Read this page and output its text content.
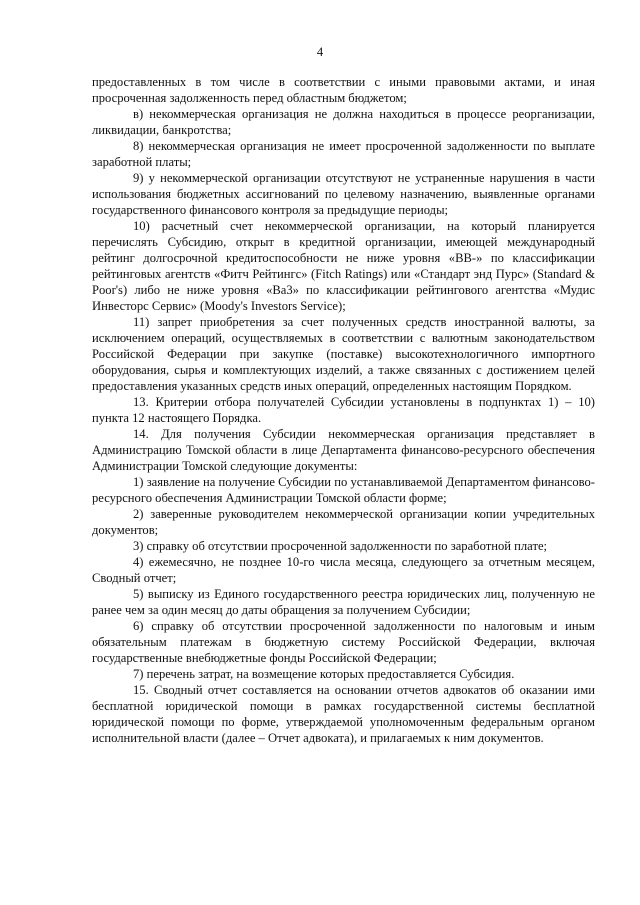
4

предоставленных в том числе в соответствии с иными правовыми актами, и иная просроченная задолженность перед областным бюджетом;

в) некоммерческая организация не должна находиться в процессе реорганизации, ликвидации, банкротства;

8) некоммерческая организация не имеет просроченной задолженности по выплате заработной платы;

9) у некоммерческой организации отсутствуют не устраненные нарушения в части использования бюджетных ассигнований по целевому назначению, выявленные органами государственного финансового контроля за предыдущие периоды;

10) расчетный счет некоммерческой организации, на который планируется перечислять Субсидию, открыт в кредитной организации, имеющей международный рейтинг долгосрочной кредитоспособности не ниже уровня «BB-» по классификации рейтинговых агентств «Фитч Рейтингс» (Fitch Ratings) или «Стандарт энд Пурс» (Standard & Poor's) либо не ниже уровня «Ba3» по классификации рейтингового агентства «Мудис Инвесторс Сервис» (Moody's Investors Service);

11) запрет приобретения за счет полученных средств иностранной валюты, за исключением операций, осуществляемых в соответствии с валютным законодательством Российской Федерации при закупке (поставке) высокотехнологичного импортного оборудования, сырья и комплектующих изделий, а также связанных с достижением целей предоставления указанных средств иных операций, определенных настоящим Порядком.

13. Критерии отбора получателей Субсидии установлены в подпунктах 1) – 10) пункта 12 настоящего Порядка.

14. Для получения Субсидии некоммерческая организация представляет в Администрацию Томской области в лице Департамента финансово-ресурсного обеспечения Администрации Томской следующие документы:

1) заявление на получение Субсидии по устанавливаемой Департаментом финансово-ресурсного обеспечения Администрации Томской области форме;

2) заверенные руководителем некоммерческой организации копии учредительных документов;

3) справку об отсутствии просроченной задолженности по заработной плате;

4) ежемесячно, не позднее 10-го числа месяца, следующего за отчетным месяцем, Сводный отчет;

5) выписку из Единого государственного реестра юридических лиц, полученную не ранее чем за один месяц до даты обращения за получением Субсидии;

6) справку об отсутствии просроченной задолженности по налоговым и иным обязательным платежам в бюджетную систему Российской Федерации, включая государственные внебюджетные фонды Российской Федерации;

7) перечень затрат, на возмещение которых предоставляется Субсидия.

15. Сводный отчет составляется на основании отчетов адвокатов об оказании ими бесплатной юридической помощи в рамках государственной системы бесплатной юридической помощи по форме, утверждаемой уполномоченным федеральным органом исполнительной власти (далее – Отчет адвоката), и прилагаемых к ним документов.
